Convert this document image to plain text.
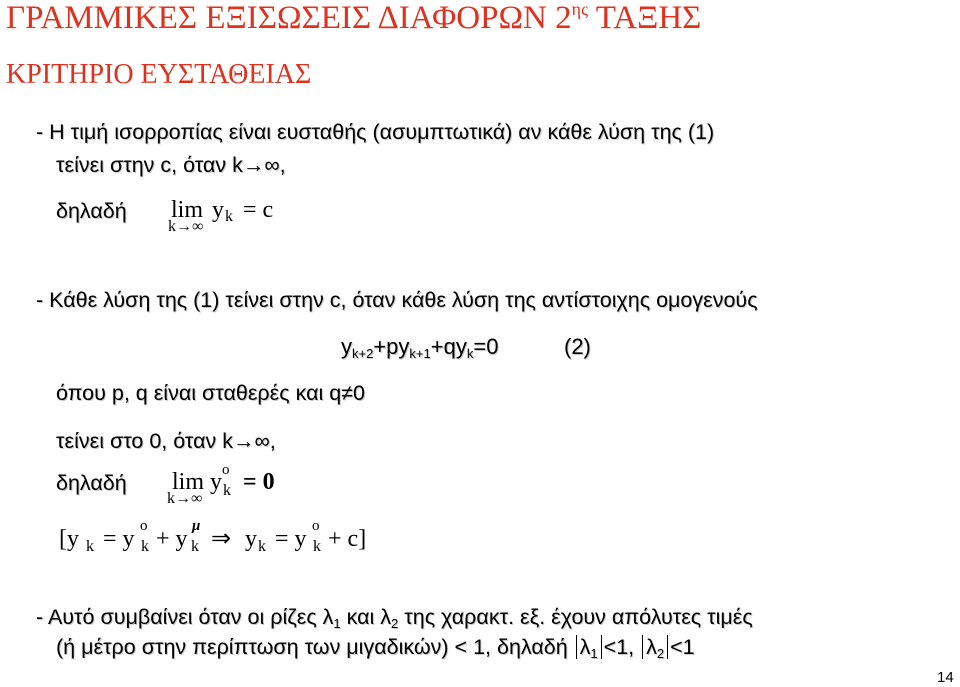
ΓΡΑΜΜΙΚΕΣ ΕΞΙΣΩΣΕΙΣ ΔΙΑΦΟΡΩΝ $2^{\eta\varsigma}$ ΤΑΞΗΣ
ΚΡΙΤΗΡΙΟ ΕΥΣΤΑΘΕΙΑΣ
- Η τιμή ισορροπίας είναι ευσταθής (ασυμπτωτικά) αν κάθε λύση της (1)
τείνει στην c, όταν k→∞,
δηλαδή lim y k = c
k→∞
- Κάθε λύση της (1) τείνει στην c, όταν κάθε λύση της αντίστοιχης ομογενούς
$y_{k+2}+py_{k+1}+qy_k=0$	(2)
όπου p, q είναι σταθερές και q≠0
τείνει στο 0, όταν k→∞,
δηλαδή lim y o
k = 0
k→∞
[y k = y o
k + y μ
k ⇒ y k = y o
k + c]
- Αυτό συμβαίνει όταν οι ρίζες $\lambda_1$ και $\lambda_2$ της χαρακτ. εξ. έχουν απόλυτες τιμές
(ή μέτρο στην περίπτωση των μιγαδικών) < 1, δηλαδή $\lambda_1 <1$, $\lambda_2 <1$
14
